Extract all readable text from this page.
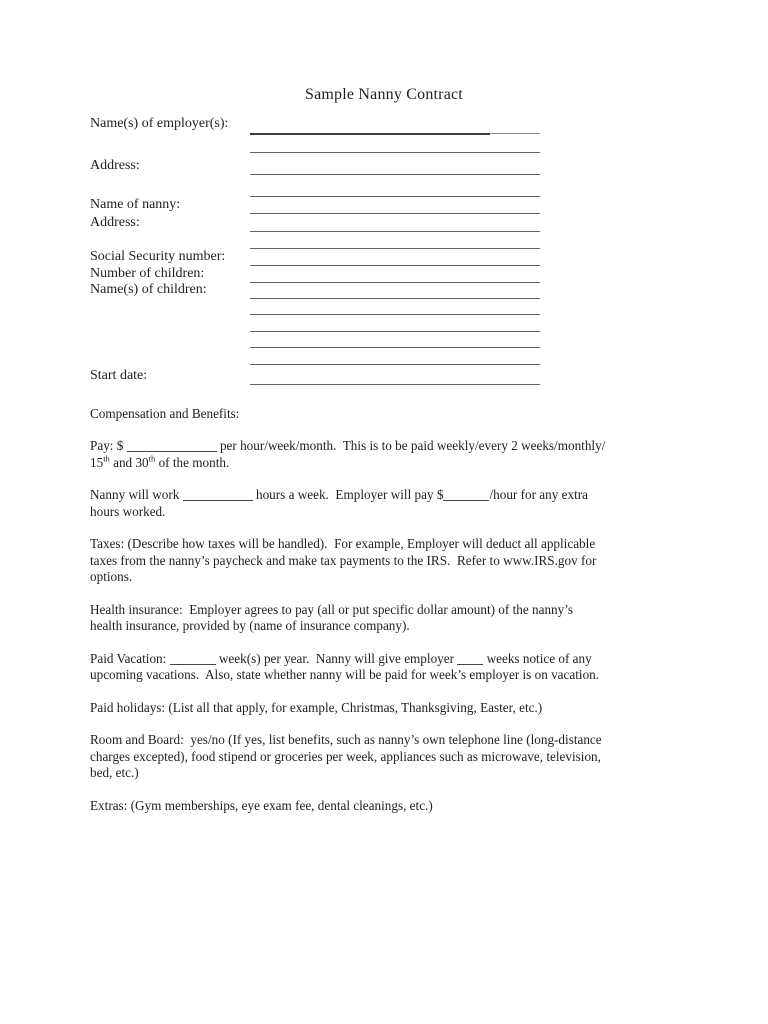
Sample Nanny Contract
Name(s) of employer(s):
Address:
Name of nanny:
Address:
Social Security number:
Number of children:
Name(s) of children:
Start date:
Compensation and Benefits:
Pay: $	per hour/week/month.  This is to be paid weekly/every 2 weeks/monthly/
15th and 30th of the month.
Nanny will work	hours a week.  Employer will pay $	/hour for any extra
hours worked.
Taxes: (Describe how taxes will be handled).  For example, Employer will deduct all applicable
taxes from the nanny’s paycheck and make tax payments to the IRS.  Refer to www.IRS.gov for
options.
Health insurance:  Employer agrees to pay (all or put specific dollar amount) of the nanny’s
health insurance, provided by (name of insurance company).
Paid Vacation:	week(s) per year.  Nanny will give employer  weeks notice of any
upcoming vacations.  Also, state whether nanny will be paid for week’s employer is on vacation.
Paid holidays: (List all that apply, for example, Christmas, Thanksgiving, Easter, etc.)
Room and Board:  yes/no (If yes, list benefits, such as nanny’s own telephone line (long-distance
charges excepted), food stipend or groceries per week, appliances such as microwave, television,
bed, etc.)
Extras: (Gym memberships, eye exam fee, dental cleanings, etc.)
